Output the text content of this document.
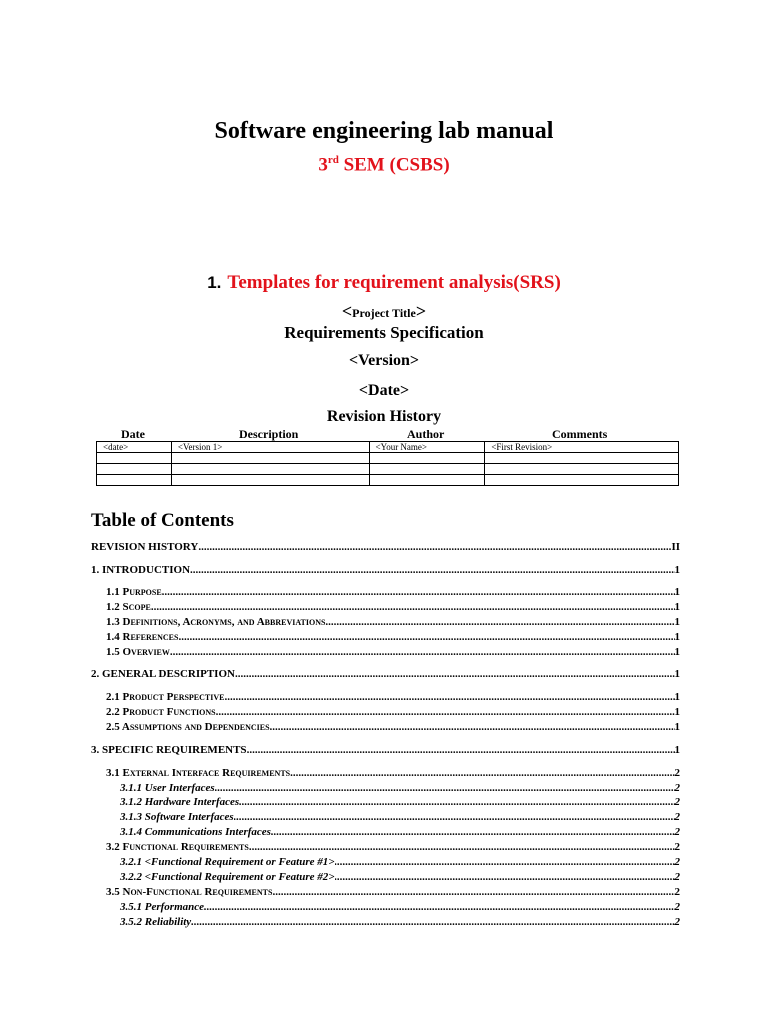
Software engineering lab manual
3rd SEM (CSBS)
1. Templates for requirement analysis(SRS)
<Project Title>
Requirements Specification
<Version>
<Date>
Revision History
Date	Description	Author	Comments
<date>	<Version 1>	<Your Name>	<First Revision>

Table of Contents
REVISION HISTORY .....	II
1. INTRODUCTION .....	1
1.1 Purpose .....	1
1.2 Scope .....	1
1.3 Definitions, Acronyms, and Abbreviations .....	1
1.4 References .....	1
1.5 Overview .....	1
2. GENERAL DESCRIPTION .....	1
2.1 Product Perspective .....	1
2.2 Product Functions .....	1
2.5 Assumptions and Dependencies .....	1
3. SPECIFIC REQUIREMENTS .....	1
3.1 External Interface Requirements .....	2
3.1.1 User Interfaces .....	2
3.1.2 Hardware Interfaces .....	2
3.1.3 Software Interfaces .....	2
3.1.4 Communications Interfaces .....	2
3.2 Functional Requirements .....	2
3.2.1 <Functional Requirement or Feature #1> .....	2
3.2.2 <Functional Requirement or Feature #2> .....	2
3.5 Non-Functional Requirements .....	2
3.5.1 Performance .....	2
3.5.2 Reliability .....	2
